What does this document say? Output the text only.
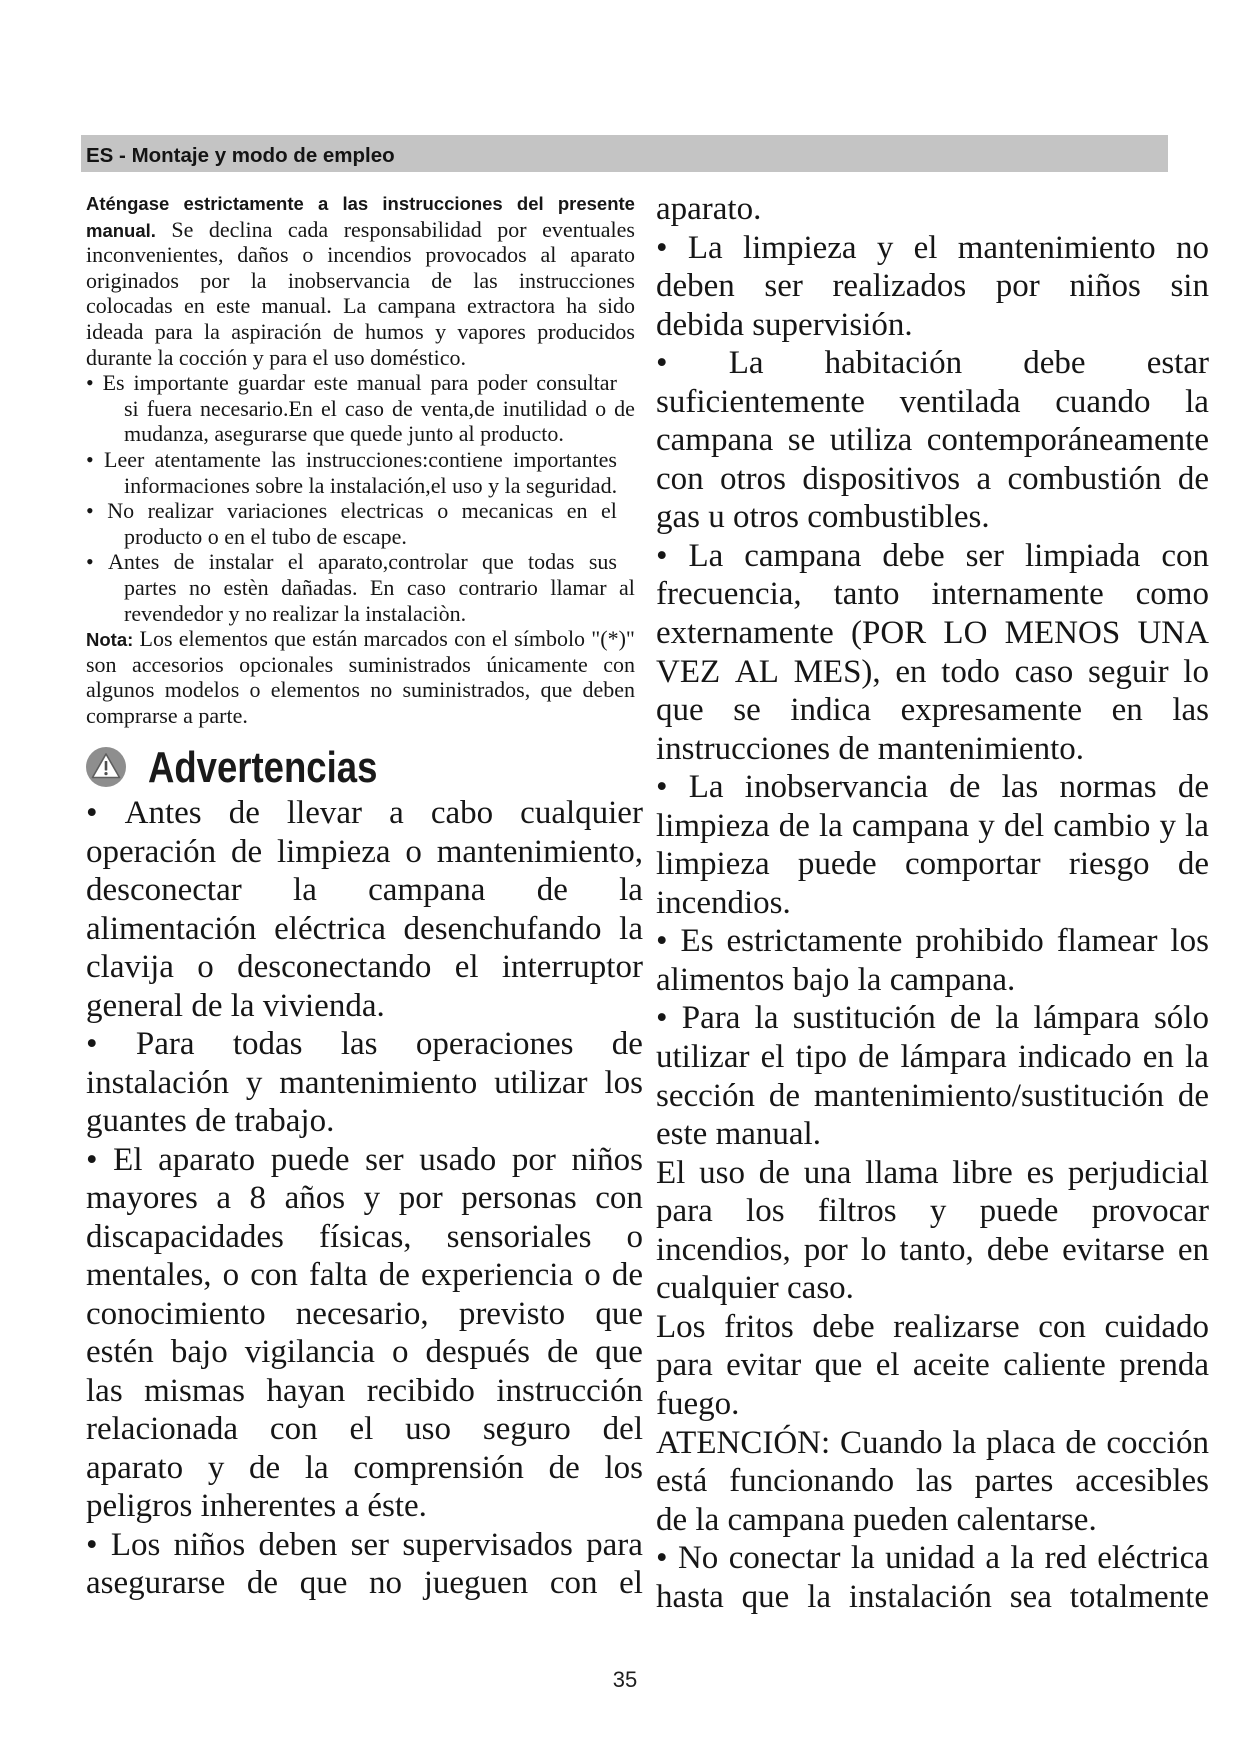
ES - Montaje y modo de empleo
Aténgase estrictamente a las instrucciones del presente
manual. Se declina cada responsabilidad por eventuales
inconvenientes, daños o incendios provocados al aparato
originados por la inobservancia de las instrucciones
colocadas en este manual. La campana extractora ha sido
ideada para la aspiración de humos y vapores producidos
durante la cocción y para el uso doméstico.
• Es importante guardar este manual para poder consultar
si fuera necesario.En el caso de venta,de inutilidad o de
mudanza, asegurarse que quede junto al producto.
• Leer atentamente las instrucciones:contiene importantes
informaciones sobre la instalación,el uso y la seguridad.
• No realizar variaciones electricas o mecanicas en el
producto o en el tubo de escape.
• Antes de instalar el aparato,controlar que todas sus
partes no estèn dañadas. En caso contrario llamar al
revendedor y no realizar la instalaciòn.
Nota: Los elementos que están marcados con el símbolo "(*)"
son accesorios opcionales suministrados únicamente con
algunos modelos o elementos no suministrados, que deben
comprarse a parte.
Advertencias
• Antes de llevar a cabo cualquier
operación de limpieza o mantenimiento,
desconectar la campana de la
alimentación eléctrica desenchufando la
clavija o desconectando el interruptor
general de la vivienda.
• Para todas las operaciones de
instalación y mantenimiento utilizar los
guantes de trabajo.
• El aparato puede ser usado por niños
mayores a 8 años y por personas con
discapacidades físicas, sensoriales o
mentales, o con falta de experiencia o de
conocimiento necesario, previsto que
estén bajo vigilancia o después de que
las mismas hayan recibido instrucción
relacionada con el uso seguro del
aparato y de la comprensión de los
peligros inherentes a éste.
• Los niños deben ser supervisados para
asegurarse de que no jueguen con el
aparato.
• La limpieza y el mantenimiento no
deben ser realizados por niños sin
debida supervisión.
• La habitación debe estar
suficientemente ventilada cuando la
campana se utiliza contemporáneamente
con otros dispositivos a combustión de
gas u otros combustibles.
• La campana debe ser limpiada con
frecuencia, tanto internamente como
externamente (POR LO MENOS UNA
VEZ AL MES), en todo caso seguir lo
que se indica expresamente en las
instrucciones de mantenimiento.
• La inobservancia de las normas de
limpieza de la campana y del cambio y la
limpieza puede comportar riesgo de
incendios.
• Es estrictamente prohibido flamear los
alimentos bajo la campana.
• Para la sustitución de la lámpara sólo
utilizar el tipo de lámpara indicado en la
sección de mantenimiento/sustitución de
este manual.
El uso de una llama libre es perjudicial
para los filtros y puede provocar
incendios, por lo tanto, debe evitarse en
cualquier caso.
Los fritos debe realizarse con cuidado
para evitar que el aceite caliente prenda
fuego.
ATENCIÓN: Cuando la placa de cocción
está funcionando las partes accesibles
de la campana pueden calentarse.
• No conectar la unidad a la red eléctrica
hasta que la instalación sea totalmente
35
